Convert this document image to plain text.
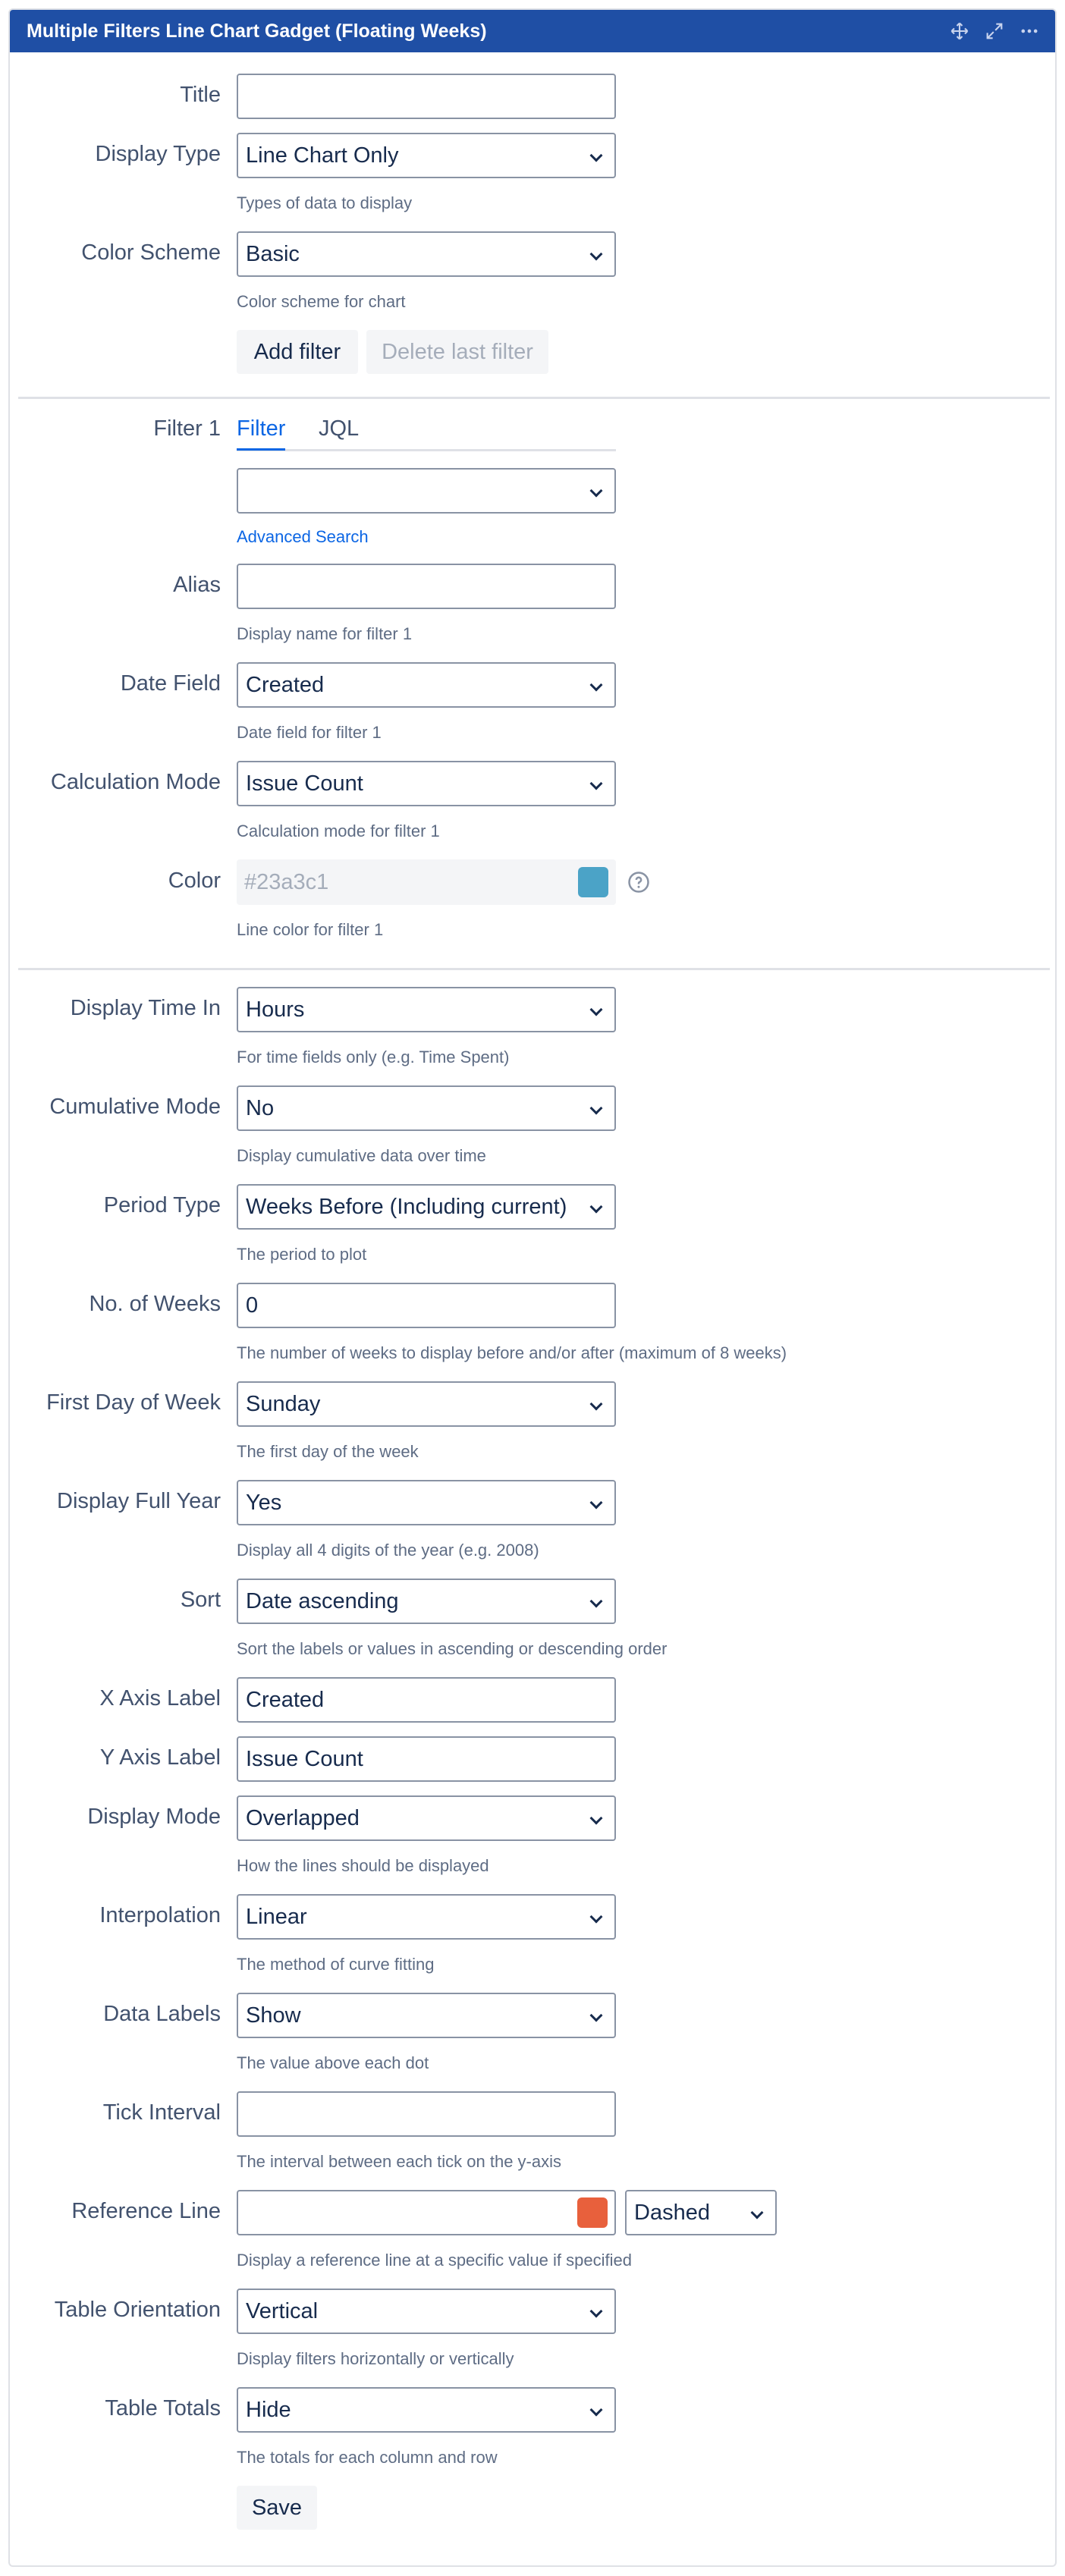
Multiple Filters Line Chart Gadget (Floating Weeks)
Title
Display Type	Line Chart Only
Types of data to display
Color Scheme	Basic
Color scheme for chart
Add filter	Delete last filter
Filter 1 Filter JQL
Advanced Search
Alias
Display name for filter 1
Date Field	Created
Date field for filter 1
Calculation Mode	Issue Count
Calculation mode for filter 1
Color	#23a3c1
Line color for filter 1
Display Time In	Hours
For time fields only (e.g. Time Spent)
Cumulative Mode	No
Display cumulative data over time
Period Type	Weeks Before (Including current)
The period to plot
No. of Weeks	0
The number of weeks to display before and/or after (maximum of 8 weeks)
First Day of Week	Sunday
The first day of the week
Display Full Year	Yes
Display all 4 digits of the year (e.g. 2008)
Sort	Date ascending
Sort the labels or values in ascending or descending order
X Axis Label	Created
Y Axis Label	Issue Count
Display Mode	Overlapped
How the lines should be displayed
Interpolation	Linear
The method of curve fitting
Data Labels	Show
The value above each dot
Tick Interval
The interval between each tick on the y-axis
Reference Line	Dashed
Display a reference line at a specific value if specified
Table Orientation	Vertical
Display filters horizontally or vertically
Table Totals	Hide
The totals for each column and row
Save
